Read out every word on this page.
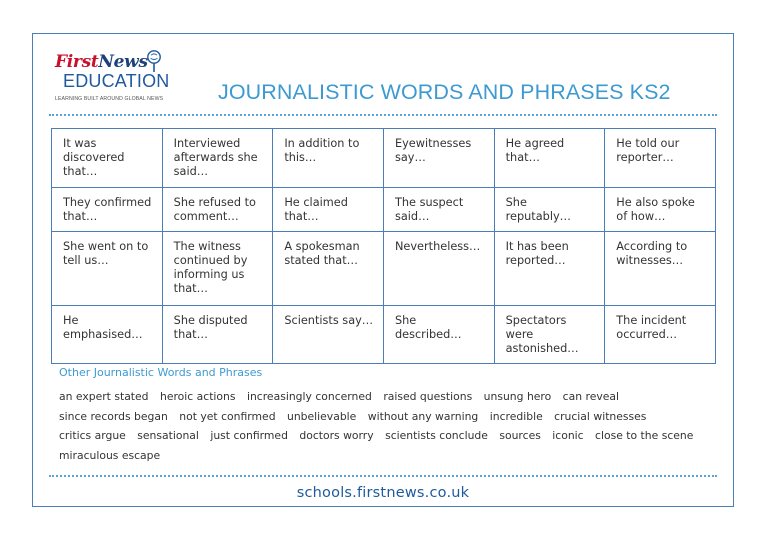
FirstNews
EDUCATION
LEARNING BUILT AROUND GLOBAL NEWS	JOURNALISTIC WORDS AND PHRASES KS2
It was discovered that…	Interviewed afterwards she said…	In addition to this…	Eyewitnesses say…	He agreed that…	He told our reporter…
They confirmed that…	She refused to comment…	He claimed that…	The suspect said…	She reputably…	He also spoke of how…
She went on to tell us…	The witness continued by informing us that…	A spokesman stated that…	Nevertheless…	It has been reported…	According to witnesses…
He emphasised…	She disputed that…	Scientists say…	She described…	Spectators were astonished…	The incident occurred…
Other Journalistic Words and Phrases
an expert stated heroic actions increasingly concerned raised questions unsung hero can reveal since records began not yet confirmed unbelievable without any warning incredible crucial witnesses critics argue sensational just confirmed doctors worry scientists conclude sources iconic close to the scene miraculous escape
schools.firstnews.co.uk
